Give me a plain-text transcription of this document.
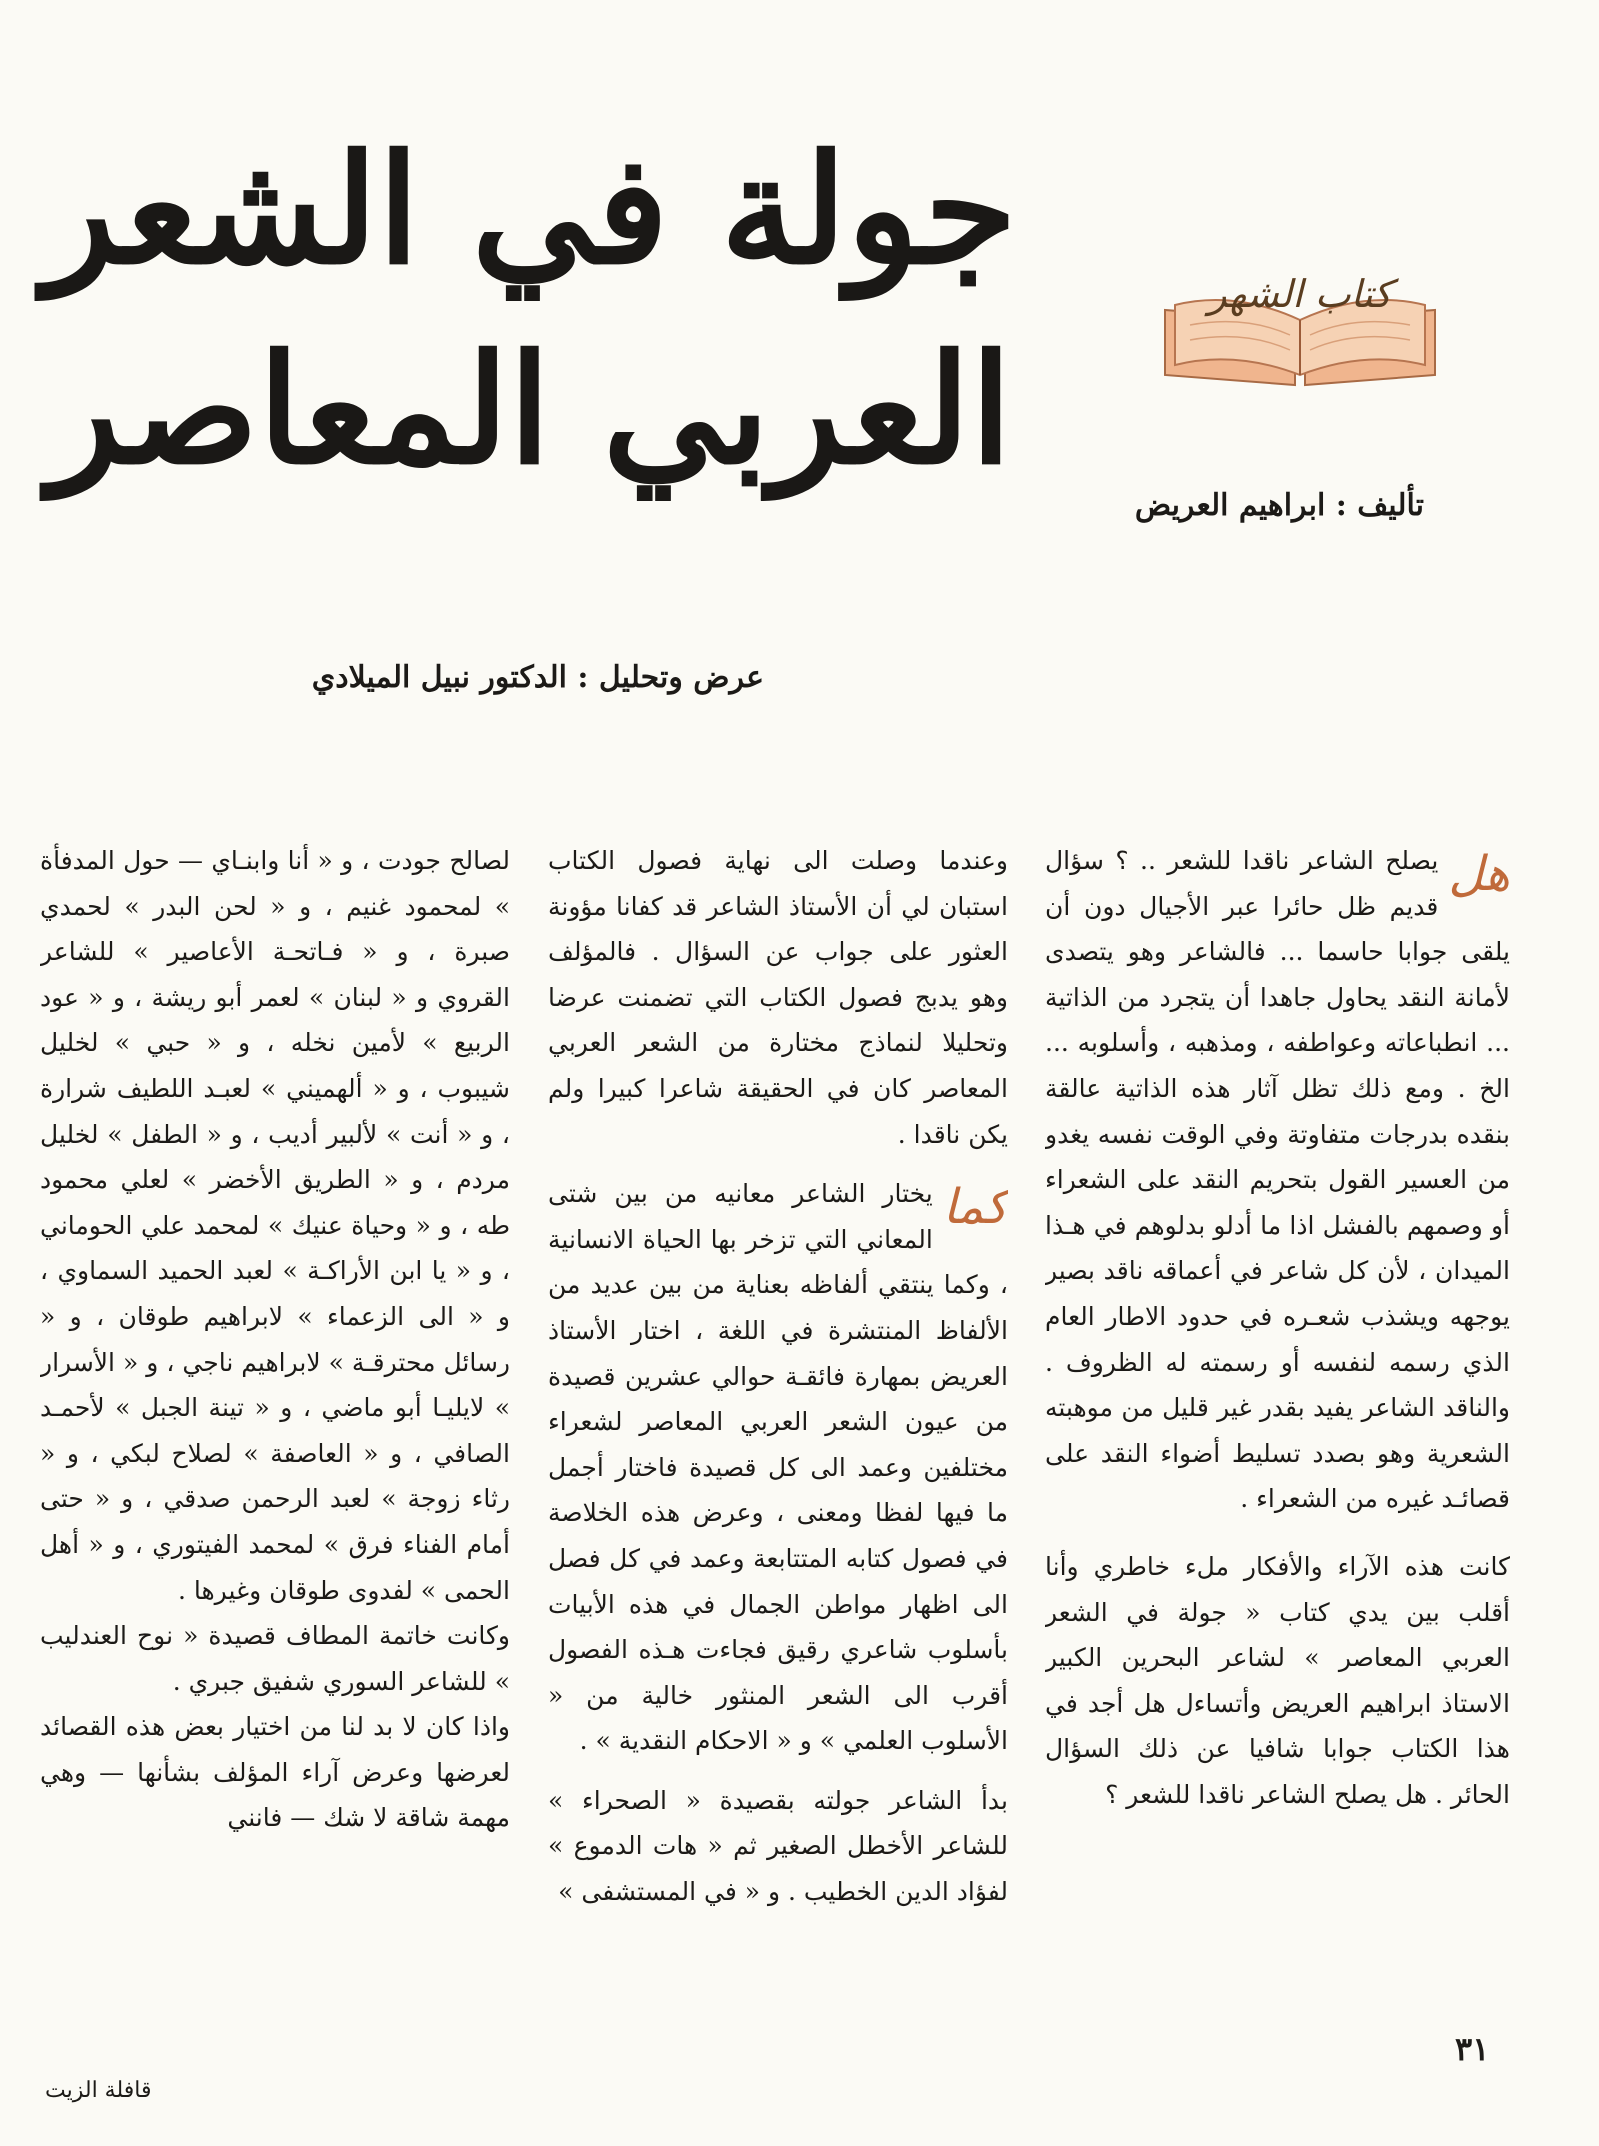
جولة في الشعر
العربي المعاصر
كتاب الشهر
تأليف : ابراهيم العريض
عرض وتحليل : الدكتور نبيل الميلادي
هل

يصلح الشاعر ناقدا للشعر .. ؟ سؤال قديم ظل حائرا عبر الأجيال دون أن يلقى جوابا حاسما ... فالشاعر وهو يتصدى لأمانة النقد يحاول جاهدا أن يتجرد من الذاتية ... انطباعاته وعواطفه ، ومذهبه ، وأسلوبه ... الخ . ومع ذلك تظل آثار هذه الذاتية عالقة بنقده بدرجات متفاوتة وفي الوقت نفسه يغدو من العسير القول بتحريم النقد على الشعراء أو وصمهم بالفشل اذا ما أدلو بدلوهم في هـذا الميدان ، لأن كل شاعر في أعماقه ناقد بصير يوجهه ويشذب شعـره في حدود الاطار العام الذي رسمه لنفسه أو رسمته له الظروف . والناقد الشاعر يفيد بقدر غير قليل من موهبته الشعرية وهو بصدد تسليط أضواء النقد على قصائـد غيره من الشعراء .

كانت هذه الآراء والأفكار ملء خاطري وأنا أقلب بين يدي كتاب « جولة في الشعر العربي المعاصر » لشاعر البحرين الكبير الاستاذ ابراهيم العريض وأتساءل هل أجد في هذا الكتاب جوابا شافيا عن ذلك السؤال الحائر . هل يصلح الشاعر ناقدا للشعر ؟

وعندما وصلت الى نهاية فصول الكتاب استبان لي أن الأستاذ الشاعر قد كفانا مؤونة العثور على جواب عن السؤال . فالمؤلف وهو يدبج فصول الكتاب التي تضمنت عرضا وتحليلا لنماذج مختارة من الشعر العربي المعاصر كان في الحقيقة شاعرا كبيرا ولم يكن ناقدا .

كما

يختار الشاعر معانيه من بين شتى المعاني التي تزخر بها الحياة الانسانية ، وكما ينتقي ألفاظه بعناية من بين عديد من الألفاظ المنتشرة في اللغة ، اختار الأستاذ العريض بمهارة فائقـة حوالي عشرين قصيدة من عيون الشعر العربي المعاصر لشعراء مختلفين وعمد الى كل قصيدة فاختار أجمل ما فيها لفظا ومعنى ، وعرض هذه الخلاصة في فصول كتابه المتتابعة وعمد في كل فصل الى اظهار مواطن الجمال في هذه الأبيات بأسلوب شاعري رقيق فجاءت هـذه الفصول أقرب الى الشعر المنثور خالية من « الأسلوب العلمي » و « الاحكام النقدية » .

بدأ الشاعر جولته بقصيدة « الصحراء » للشاعر الأخطل الصغير ثم « هات الدموع » لفؤاد الدين الخطيب . و « في المستشفى »

لصالح جودت ، و « أنا وابنـاي — حول المدفأة » لمحمود غنيم ، و « لحن البدر » لحمدي صبرة ، و « فـاتحـة الأعاصير » للشاعر القروي و « لبنان » لعمر أبو ريشة ، و « عود الربيع » لأمين نخله ، و « حبي » لخليل شيبوب ، و « ألهميني » لعبـد اللطيف شرارة ، و « أنت » لألبير أديب ، و « الطفل » لخليل مردم ، و « الطريق الأخضر » لعلي محمود طه ، و « وحياة عنيك » لمحمد علي الحوماني ، و « يا ابن الأراكـة » لعبد الحميد السماوي ، و « الى الزعماء » لابراهيم طوقان ، و « رسائل محترقـة » لابراهيم ناجي ، و « الأسرار » لايليـا أبو ماضي ، و « تينة الجبل » لأحمـد الصافي ، و « العاصفة » لصلاح لبكي ، و « رثاء زوجة » لعبد الرحمن صدقي ، و « حتى أمام الفناء فرق » لمحمد الفيتوري ، و « أهل الحمى » لفدوى طوقان وغيرها .

وكانت خاتمة المطاف قصيدة « نوح العندليب » للشاعر السوري شفيق جبري .

واذا كان لا بد لنا من اختيار بعض هذه القصائد لعرضها وعرض آراء المؤلف بشأنها — وهي مهمة شاقة لا شك — فانني

٣١
قافلة الزيت
